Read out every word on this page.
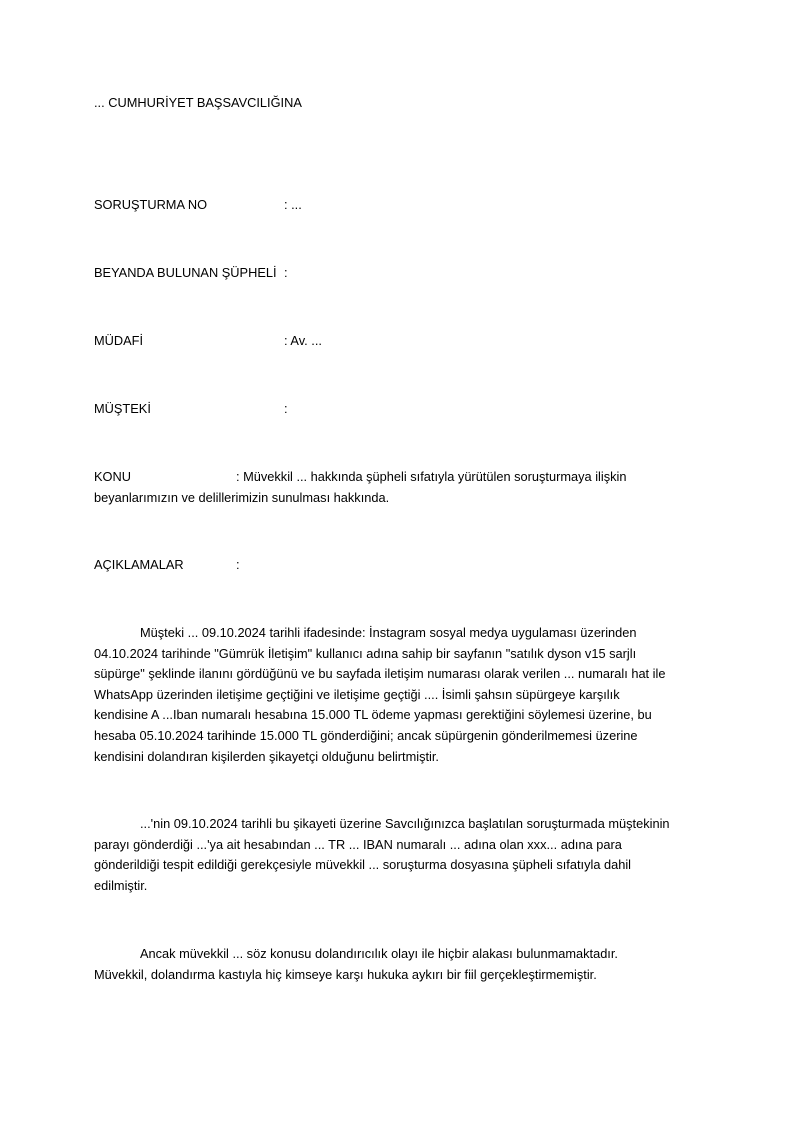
... CUMHURİYET BAŞSAVCILIĞINA
SORUŞTURMA NO	: ...
BEYANDA BULUNAN ŞÜPHELİ :
MÜDAFİ	: Av. ...
MÜŞTEKİ	:
KONU	: Müvekkil ... hakkında şüpheli sıfatıyla yürütülen soruşturmaya ilişkin
beyanlarımızın ve delillerimizin sunulması hakkında.
AÇIKLAMALAR	:
Müşteki ... 09.10.2024 tarihli ifadesinde: İnstagram sosyal medya uygulaması üzerinden
04.10.2024 tarihinde "Gümrük İletişim" kullanıcı adına sahip bir sayfanın "satılık dyson v15 sarjlı
süpürge" şeklinde ilanını gördüğünü ve bu sayfada iletişim numarası olarak verilen ... numaralı hat ile
WhatsApp üzerinden iletişime geçtiğini ve iletişime geçtiği .... İsimli şahsın süpürgeye karşılık
kendisine A ...Iban numaralı hesabına 15.000 TL ödeme yapması gerektiğini söylemesi üzerine, bu
hesaba 05.10.2024 tarihinde 15.000 TL gönderdiğini; ancak süpürgenin gönderilmemesi üzerine
kendisini dolandıran kişilerden şikayetçi olduğunu belirtmiştir.
...'nin 09.10.2024 tarihli bu şikayeti üzerine Savcılığınızca başlatılan soruşturmada müştekinin
parayı gönderdiği ...'ya ait hesabından ... TR ... IBAN numaralı ... adına olan xxx... adına para
gönderildiği tespit edildiği gerekçesiyle müvekkil ... soruşturma dosyasına şüpheli sıfatıyla dahil
edilmiştir.
Ancak müvekkil ... söz konusu dolandırıcılık olayı ile hiçbir alakası bulunmamaktadır.
Müvekkil, dolandırma kastıyla hiç kimseye karşı hukuka aykırı bir fiil gerçekleştirmemiştir.
